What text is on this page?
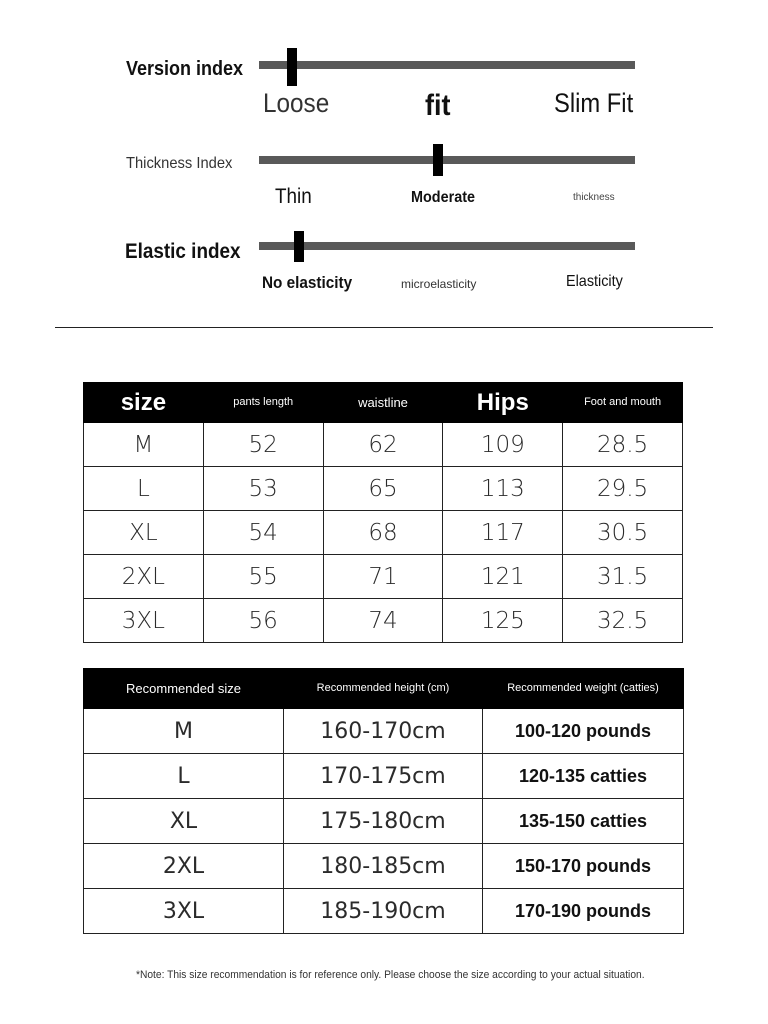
Version index
Loose	fit	Slim Fit
Thickness Index
Thin	Moderate	thickness
Elastic index
No elasticity	microelasticity	Elasticity
size	pants length	waistline	Hips	Foot and mouth
M	52	62	109	28.5
L	53	65	113	29.5
XL	54	68	117	30.5
2XL	55	71	121	31.5
3XL	56	74	125	32.5
Recommended size	Recommended height (cm)	Recommended weight (catties)
M	160-170cm	100-120 pounds
L	170-175cm	120-135 catties
XL	175-180cm	135-150 catties
2XL	180-185cm	150-170 pounds
3XL	185-190cm	170-190 pounds
*Note: This size recommendation is for reference only. Please choose the size according to your actual situation.
